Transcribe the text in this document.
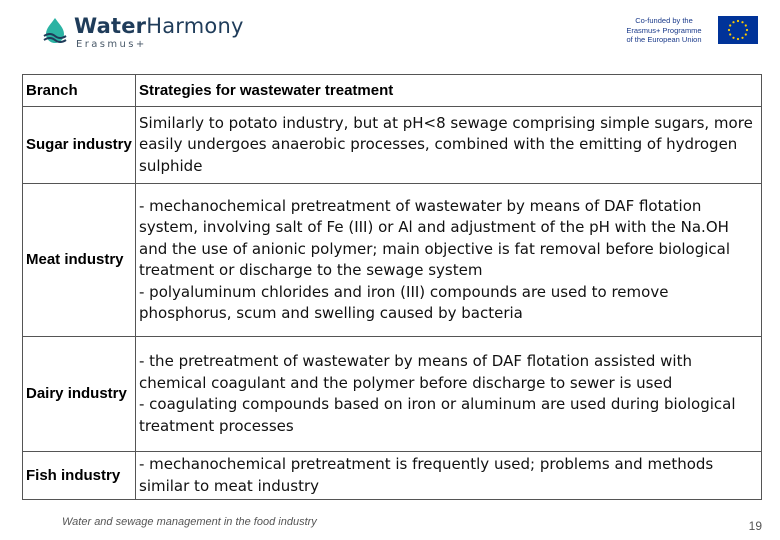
WaterHarmony
Erasmus+
Co-funded by the
Erasmus+ Programme
of the European Union
Branch	Strategies for wastewater treatment
Sugar industry	Similarly to potato industry, but at pH<8 sewage comprising simple sugars, more easily undergoes anaerobic processes, combined with the emitting of hydrogen sulphide

Meat industry	- mechanochemical pretreatment of wastewater by means of DAF flotation system, involving salt of Fe (III) or Al and adjustment of the pH with the Na.OH and the use of anionic polymer; main objective is fat removal before biological treatment or discharge to the sewage system
- polyaluminum chlorides and iron (III) compounds are used to remove phosphorus, scum and swelling caused by bacteria

Dairy industry	- the pretreatment of wastewater by means of DAF flotation assisted with chemical coagulant and the polymer before discharge to sewer is used
- coagulating compounds based on iron or aluminum are used during biological treatment processes

Fish industry	- mechanochemical pretreatment is frequently used; problems and methods similar to meat industry
Water and sewage management in the food industry	19
